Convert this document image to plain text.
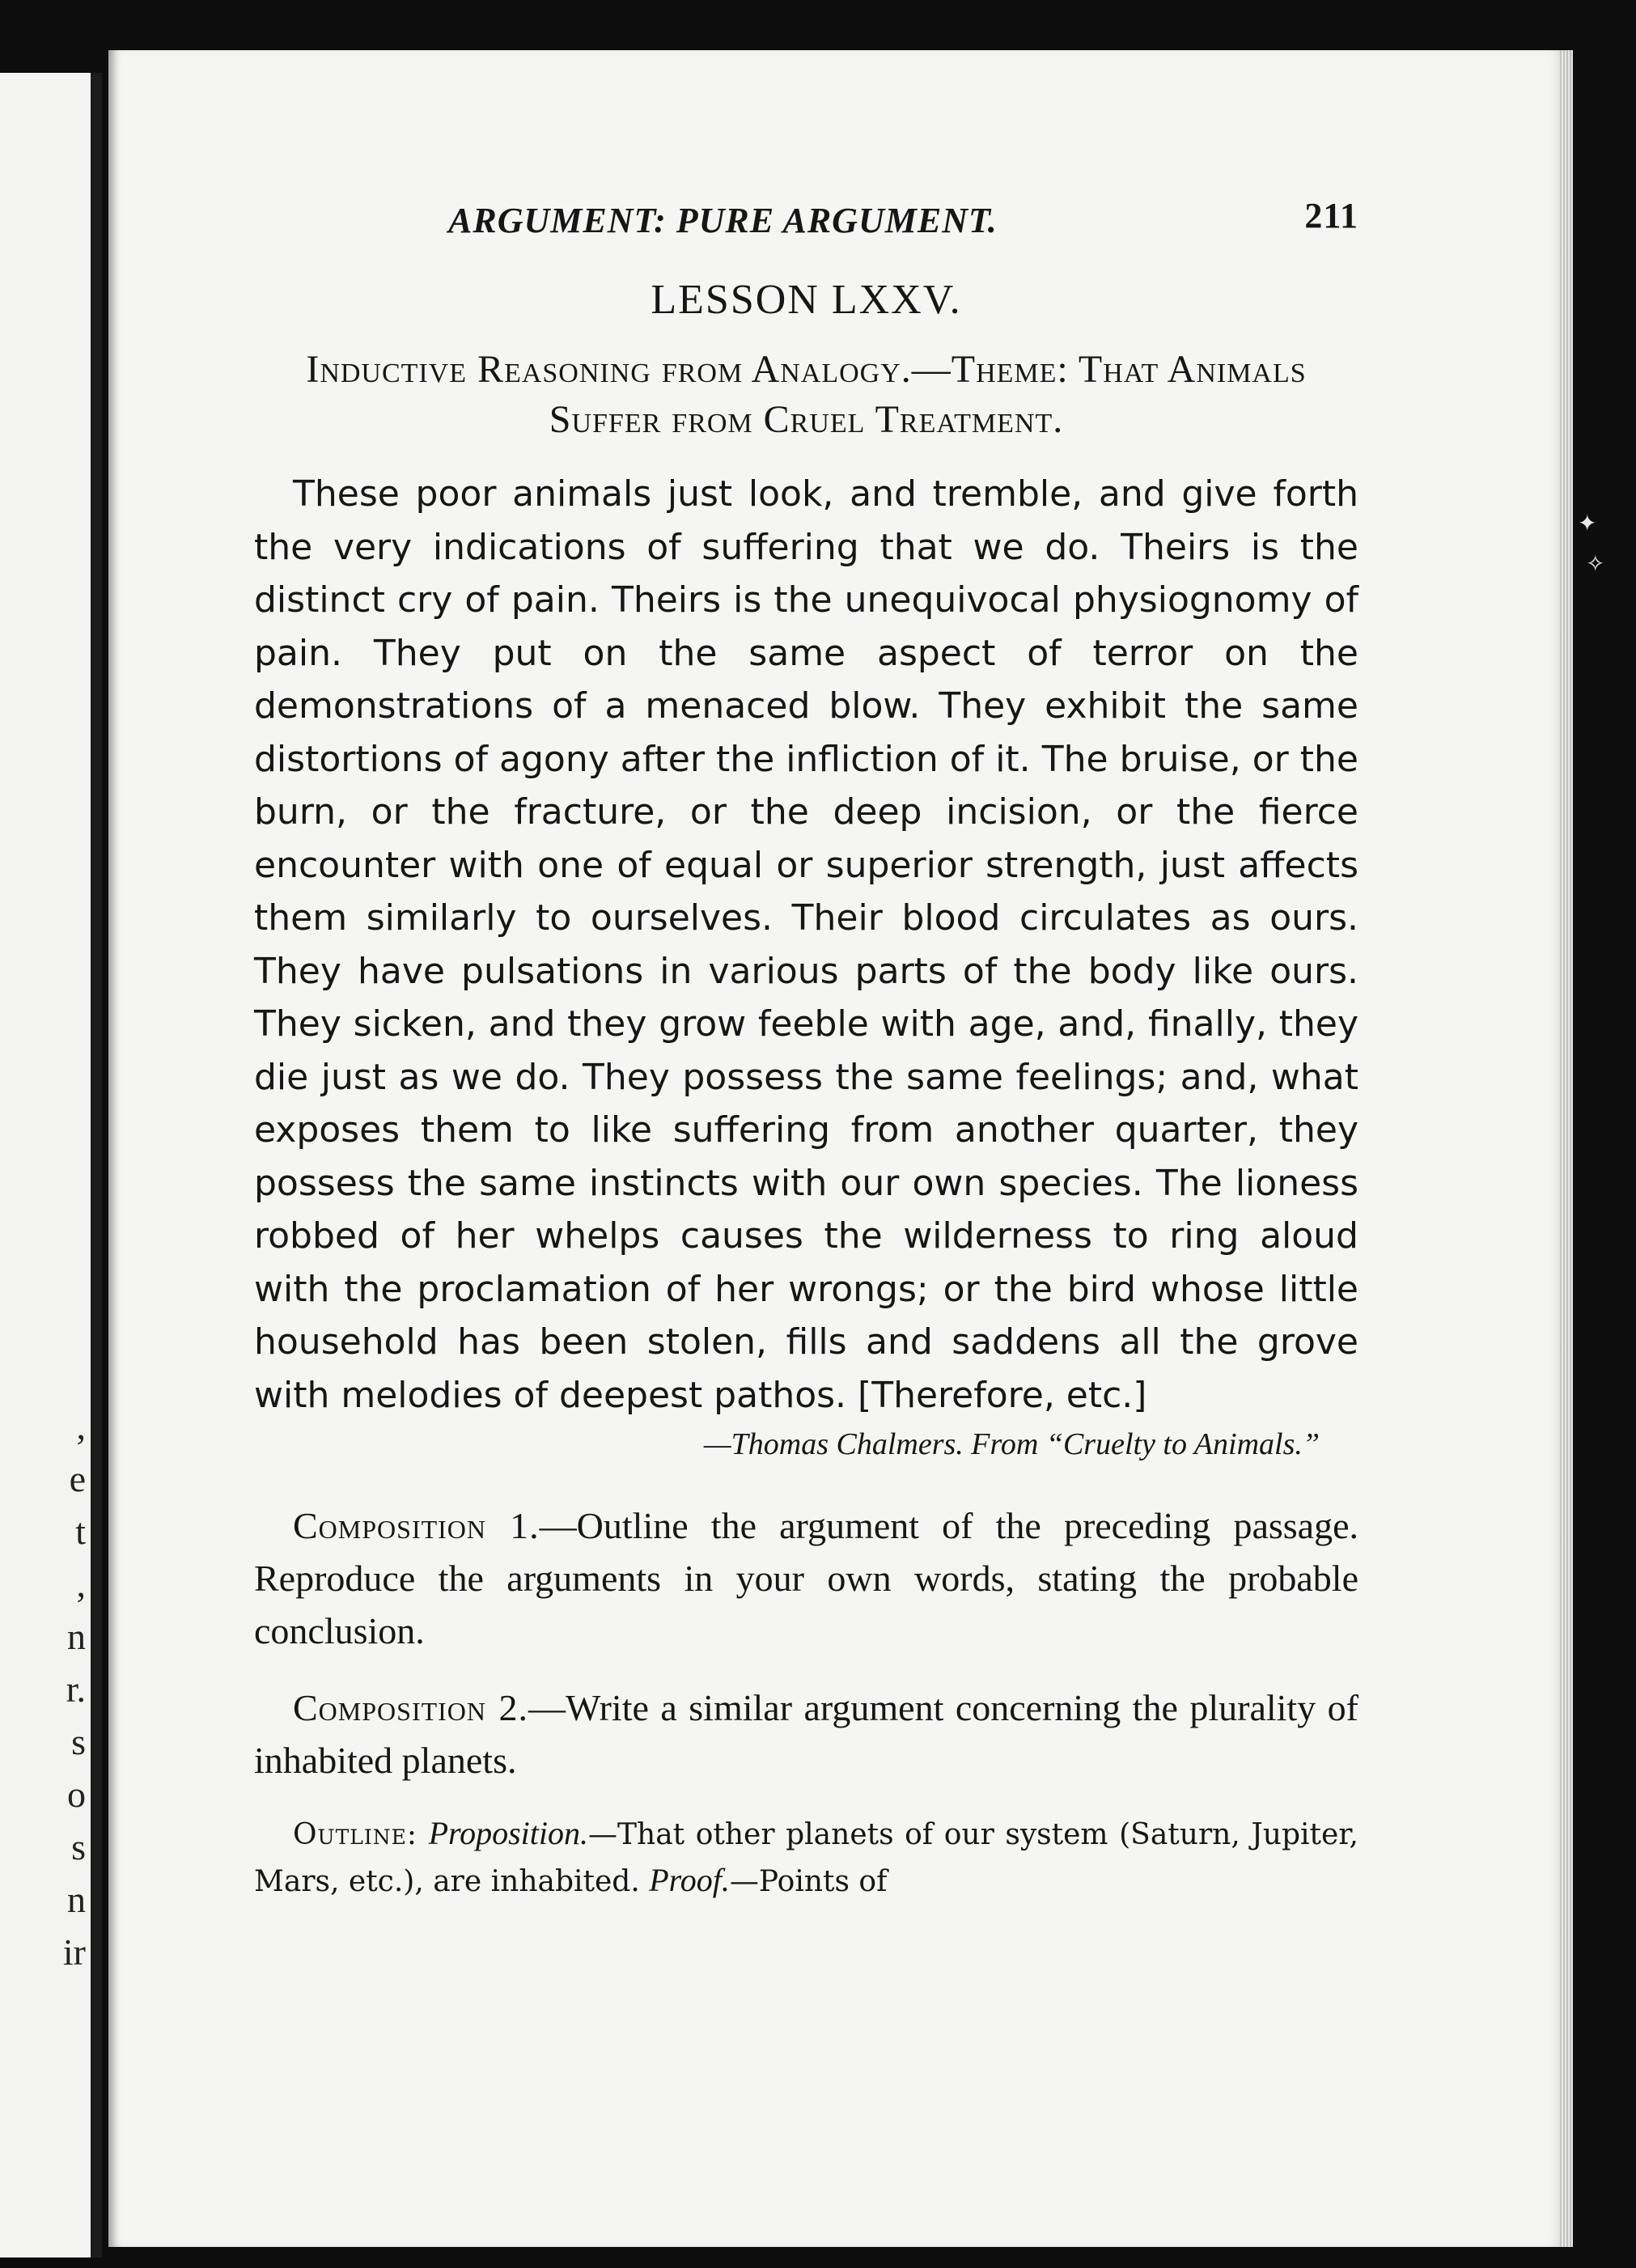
,
e
t
,
n
r.
s
o
s
n
ir
ARGUMENT: PURE ARGUMENT.	211
LESSON LXXV.
Inductive Reasoning from Analogy.—Theme: That Animals Suffer from Cruel Treatment.

These poor animals just look, and tremble, and give forth the very indications of suffering that we do. Theirs is the distinct cry of pain. Theirs is the unequivocal physiognomy of pain. They put on the same aspect of terror on the demonstrations of a menaced blow. They exhibit the same distortions of agony after the infliction of it. The bruise, or the burn, or the fracture, or the deep incision, or the fierce encounter with one of equal or superior strength, just affects them similarly to ourselves. Their blood circulates as ours. They have pulsations in various parts of the body like ours. They sicken, and they grow feeble with age, and, finally, they die just as we do. They possess the same feelings; and, what exposes them to like suffering from another quarter, they possess the same instincts with our own species. The lioness robbed of her whelps causes the wilderness to ring aloud with the proclamation of her wrongs; or the bird whose little household has been stolen, fills and saddens all the grove with melodies of deepest pathos. [Therefore, etc.]

—Thomas Chalmers. From “Cruelty to Animals.”

Composition 1.—Outline the argument of the preceding passage. Reproduce the arguments in your own words, stating the probable conclusion.

Composition 2.—Write a similar argument concerning the plurality of inhabited planets.

Outline: Proposition.—That other planets of our system (Saturn, Jupiter, Mars, etc.), are inhabited. Proof.—Points of

✦
✧
